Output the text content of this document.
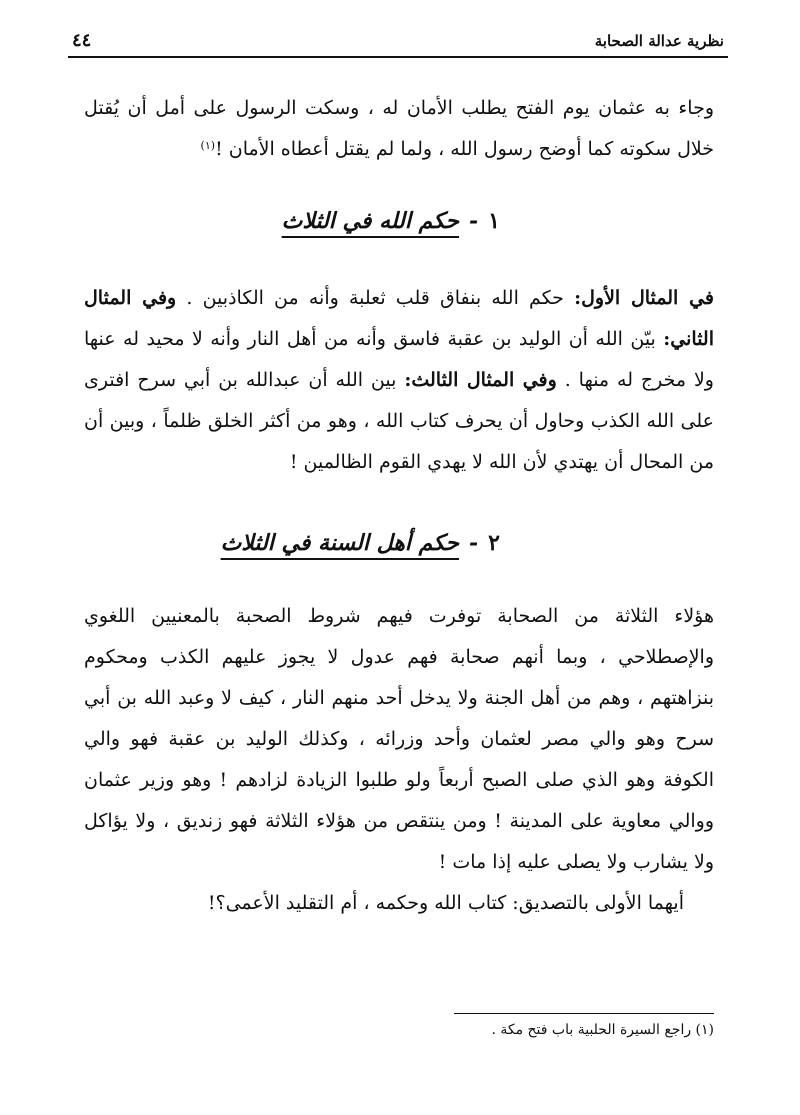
٤٤	نظرية عدالة الصحابة

وجاء به عثمان يوم الفتح يطلب الأمان له ، وسكت الرسول على أمل أن يُقتل خلال سكوته كما أوضح رسول الله ، ولما لم يقتل أعطاه الأمان !$^{(١)}$

١-حكم الله في الثلاث

في المثال الأول: حكم الله بنفاق قلب ثعلبة وأنه من الكاذبين . وفي المثال الثاني: بيّن الله أن الوليد بن عقبة فاسق وأنه من أهل النار وأنه لا محيد له عنها ولا مخرج له منها . وفي المثال الثالث: بين الله أن عبدالله بن أبي سرح افترى على الله الكذب وحاول أن يحرف كتاب الله ، وهو من أكثر الخلق ظلماً ، وبين أن من المحال أن يهتدي لأن الله لا يهدي القوم الظالمين !

٢-حكم أهل السنة في الثلاث

هؤلاء الثلاثة من الصحابة توفرت فيهم شروط الصحبة بالمعنيين اللغوي والإصطلاحي ، وبما أنهم صحابة فهم عدول لا يجوز عليهم الكذب ومحكوم بنزاهتهم ، وهم من أهل الجنة ولا يدخل أحد منهم النار ، كيف لا وعبد الله بن أبي سرح وهو والي مصر لعثمان وأحد وزرائه ، وكذلك الوليد بن عقبة فهو والي الكوفة وهو الذي صلى الصبح أربعاً ولو طلبوا الزيادة لزادهم ! وهو وزير عثمان ووالي معاوية على المدينة ! ومن ينتقص من هؤلاء الثلاثة فهو زنديق ، ولا يؤاكل ولا يشارب ولا يصلى عليه إذا مات !

أيهما الأولى بالتصديق: كتاب الله وحكمه ، أم التقليد الأعمى؟!

(١) راجع السيرة الحلبية باب فتح مكة .
